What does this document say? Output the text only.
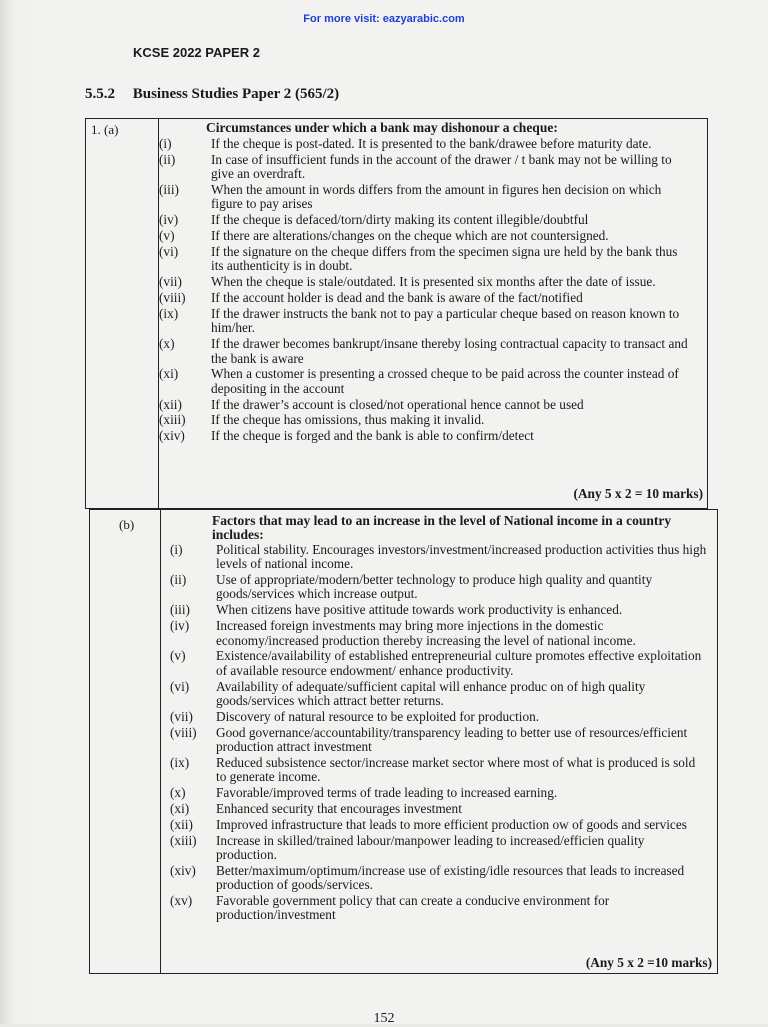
For more visit: eazyarabic.com
KCSE 2022 PAPER 2
5.5.2 Business Studies Paper 2 (565/2)
1. (a)	Circumstances under which a bank may dishonour a cheque:
(i)	If the cheque is post-dated. It is presented to the bank/drawee before maturity date.
(ii)	In case of insufficient funds in the account of the drawer / t bank may not be willing to give an overdraft.
(iii)	When the amount in words differs from the amount in figures hen decision on which figure to pay arises
(iv)	If the cheque is defaced/torn/dirty making its content illegible/doubtful
(v)	If there are alterations/changes on the cheque which are not countersigned.
(vi)	If the signature on the cheque differs from the specimen signa ure held by the bank thus its authenticity is in doubt.
(vii)	When the cheque is stale/outdated. It is presented six months after the date of issue.
(viii)	If the account holder is dead and the bank is aware of the fact/notified
(ix)	If the drawer instructs the bank not to pay a particular cheque based on reason known to him/her.
(x)	If the drawer becomes bankrupt/insane thereby losing contractual capacity to transact and the bank is aware
(xi)	When a customer is presenting a crossed cheque to be paid across the counter instead of depositing in the account
(xii)	If the drawer’s account is closed/not operational hence cannot be used
(xiii)	If the cheque has omissions, thus making it invalid.
(xiv)	If the cheque is forged and the bank is able to confirm/detect
(Any 5 x 2 = 10 marks)
(b)	Factors that may lead to an increase in the level of National income in a country includes:
(i)	Political stability. Encourages investors/investment/increased production activities thus high levels of national income.
(ii)	Use of appropriate/modern/better technology to produce high quality and quantity goods/services which increase output.
(iii)	When citizens have positive attitude towards work productivity is enhanced.
(iv)	Increased foreign investments may bring more injections in the domestic economy/increased production thereby increasing the level of national income.
(v)	Existence/availability of established entrepreneurial culture promotes effective exploitation of available resource endowment/ enhance productivity.
(vi)	Availability of adequate/sufficient capital will enhance produc on of high quality goods/services which attract better returns.
(vii)	Discovery of natural resource to be exploited for production.
(viii)	Good governance/accountability/transparency leading to better use of resources/efficient production attract investment
(ix)	Reduced subsistence sector/increase market sector where most of what is produced is sold to generate income.
(x)	Favorable/improved terms of trade leading to increased earning.
(xi)	Enhanced security that encourages investment
(xii)	Improved infrastructure that leads to more efficient production ow of goods and services
(xiii)	Increase in skilled/trained labour/manpower leading to increased/efficien quality production.
(xiv)	Better/maximum/optimum/increase use of existing/idle resources that leads to increased production of goods/services.
(xv)	Favorable government policy that can create a conducive environment for production/investment
(Any 5 x 2 =10 marks)
152
